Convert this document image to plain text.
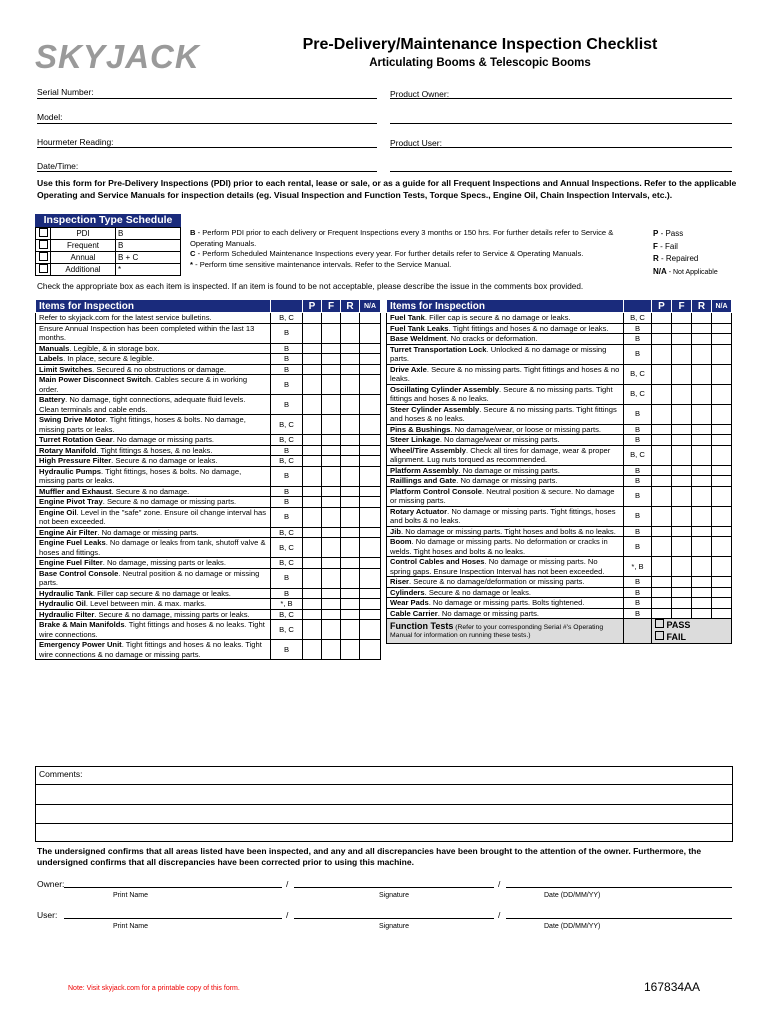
SKYJACK	Pre-Delivery/Maintenance Inspection Checklist
Articulating Booms & Telescopic Booms
Serial Number:	Product Owner:
Model:
Hourmeter Reading:	Product User:
Date/Time:
Use this form for Pre-Delivery Inspections (PDI) prior to each rental, lease or sale, or as a guide for all Frequent Inspections and Annual Inspections. Refer to the applicable Operating and Service Manuals for inspection details (eg. Visual Inspection and Function Tests, Torque Specs., Engine Oil, Chain Inspection Intervals, etc.).
Inspection Type Schedule
	PDI	B
	Frequent	B
	Annual	B + C
	Additional	*
B - Perform PDI prior to each delivery or Frequent Inspections every 3 months or 150 hrs. For further details refer to Service & Operating Manuals.
C - Perform Scheduled Maintenance Inspections every year. For further details refer to Service & Operating Manuals.
* - Perform time sensitive maintenance intervals. Refer to the Service Manual.
P - Pass
F - Fail
R - Repaired
N/A - Not Applicable
Check the appropriate box as each item is inspected. If an item is found to be not acceptable, please describe the issue in the comments box provided.
Items for Inspection		P	F	R	N/A
Refer to skyjack.com for the latest service bulletins.	B, C				
Ensure Annual Inspection has been completed within the last 13 months.	B				
Manuals. Legible, & in storage box.	B				
Labels. In place, secure & legible.	B				
Limit Switches. Secured & no obstructions or damage.	B				
Main Power Disconnect Switch. Cables secure & in working order.	B				
Battery. No damage, tight connections, adequate fluid levels. Clean terminals and cable ends.	B				
Swing Drive Motor. Tight fittings, hoses & bolts. No damage, missing parts or leaks.	B, C				
Turret Rotation Gear. No damage or missing parts.	B, C				
Rotary Manifold. Tight fittings & hoses, & no leaks.	B				
High Pressure Filter. Secure & no damage or leaks.	B, C				
Hydraulic Pumps. Tight fittings, hoses & bolts. No damage, missing parts or leaks.	B				
Muffler and Exhaust. Secure & no damage.	B				
Engine Pivot Tray. Secure & no damage or missing parts.	B				
Engine Oil. Level in the "safe" zone. Ensure oil change interval has not been exceeded.	B				
Engine Air Filter. No damage or missing parts.	B, C				
Engine Fuel Leaks. No damage or leaks from tank, shutoff valve & hoses and fittings.	B, C				
Engine Fuel Filter. No damage, missing parts or leaks.	B, C				
Base Control Console. Neutral position & no damage or missing parts.	B				
Hydraulic Tank. Filler cap secure & no damage or leaks.	B				
Hydraulic Oil. Level between min. & max. marks.	*, B				
Hydraulic Filter. Secure & no damage, missing parts or leaks.	B, C				
Brake & Main Manifolds. Tight fittings and hoses & no leaks. Tight wire connections.	B, C				
Emergency Power Unit. Tight fittings and hoses & no leaks. Tight wire connections & no damage or missing parts.	B				
Items for Inspection		P	F	R	N/A
Fuel Tank. Filler cap is secure & no damage or leaks.	B, C				
Fuel Tank Leaks. Tight fittings and hoses & no damage or leaks.	B				
Base Weldment. No cracks or deformation.	B				
Turret Transportation Lock. Unlocked & no damage or missing parts.	B				
Drive Axle. Secure & no missing parts. Tight fittings and hoses & no leaks.	B, C				
Oscillating Cylinder Assembly. Secure & no missing parts. Tight fittings and hoses & no leaks.	B, C				
Steer Cylinder Assembly. Secure & no missing parts. Tight fittings and hoses & no leaks.	B				
Pins & Bushings. No damage/wear, or loose or missing parts.	B				
Steer Linkage. No damage/wear or missing parts.	B				
Wheel/Tire Assembly. Check all tires for damage, wear & proper alignment. Lug nuts torqued as recommended.	B, C				
Platform Assembly. No damage or missing parts.	B				
Raillings and Gate. No damage or missing parts.	B				
Platform Control Console. Neutral position & secure. No damage or missing parts.	B				
Rotary Actuator. No damage or missing parts. Tight fittings, hoses and bolts & no leaks.	B				
Jib. No damage or missing parts. Tight hoses and bolts & no leaks.	B				
Boom. No damage or missing parts. No deformation or cracks in welds. Tight hoses and bolts & no leaks.	B				
Control Cables and Hoses. No damage or missing parts. No spring gaps. Ensure Inspection Interval has not been exceeded.	*, B				
Riser. Secure & no damage/deformation or missing parts.	B				
Cylinders. Secure & no damage or leaks.	B				
Wear Pads. No damage or missing parts. Bolts tightened.	B				
Cable Carrier. No damage or missing parts.	B				
Function Tests (Refer to your corresponding Serial #'s Operating Manual for information on running these tests.)		PASS
FAIL			
Comments:
The undersigned confirms that all areas listed have been inspected, and any and all discrepancies have been brought to the attention of the owner. Furthermore, the undersigned confirms that all discrepancies have been corrected prior to using this machine.
Owner:	/	/
Print Name	Signature	Date (DD/MM/YY)
User:	/	/
Print Name	Signature	Date (DD/MM/YY)
Note: Visit skyjack.com for a printable copy of this form.	167834AA
